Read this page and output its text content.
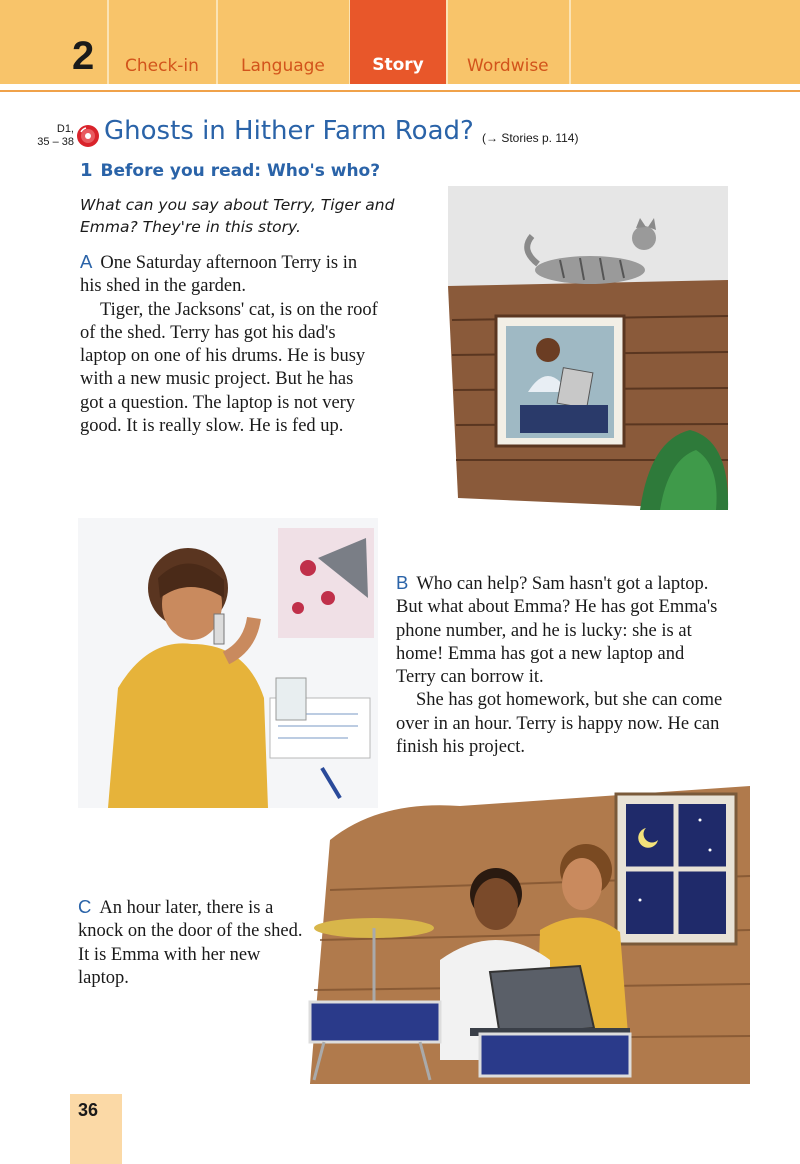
2 Check-in Language	Story	Wordwise
D1,
35 – 38 Ghosts in Hither Farm Road? (→ Stories p. 114)
1 Before you read: Who's who?
What can you say about Terry, Tiger and Emma? They're in this story.

A One Saturday afternoon Terry is in his shed in the garden.

Tiger, the Jacksons' cat, is on the roof of the shed. Terry has got his dad's laptop on one of his drums. He is busy with a new music project. But he has got a question. The laptop is not very good. It is really slow. He is fed up.

B Who can help? Sam hasn't got a laptop. But what about Emma? He has got Emma's phone number, and he is lucky: she is at home! Emma has got a new laptop and Terry can borrow it.

She has got homework, but she can come over in an hour. Terry is happy now. He can finish his project.

C An hour later, there is a knock on the door of the shed. It is Emma with her new laptop.

36
